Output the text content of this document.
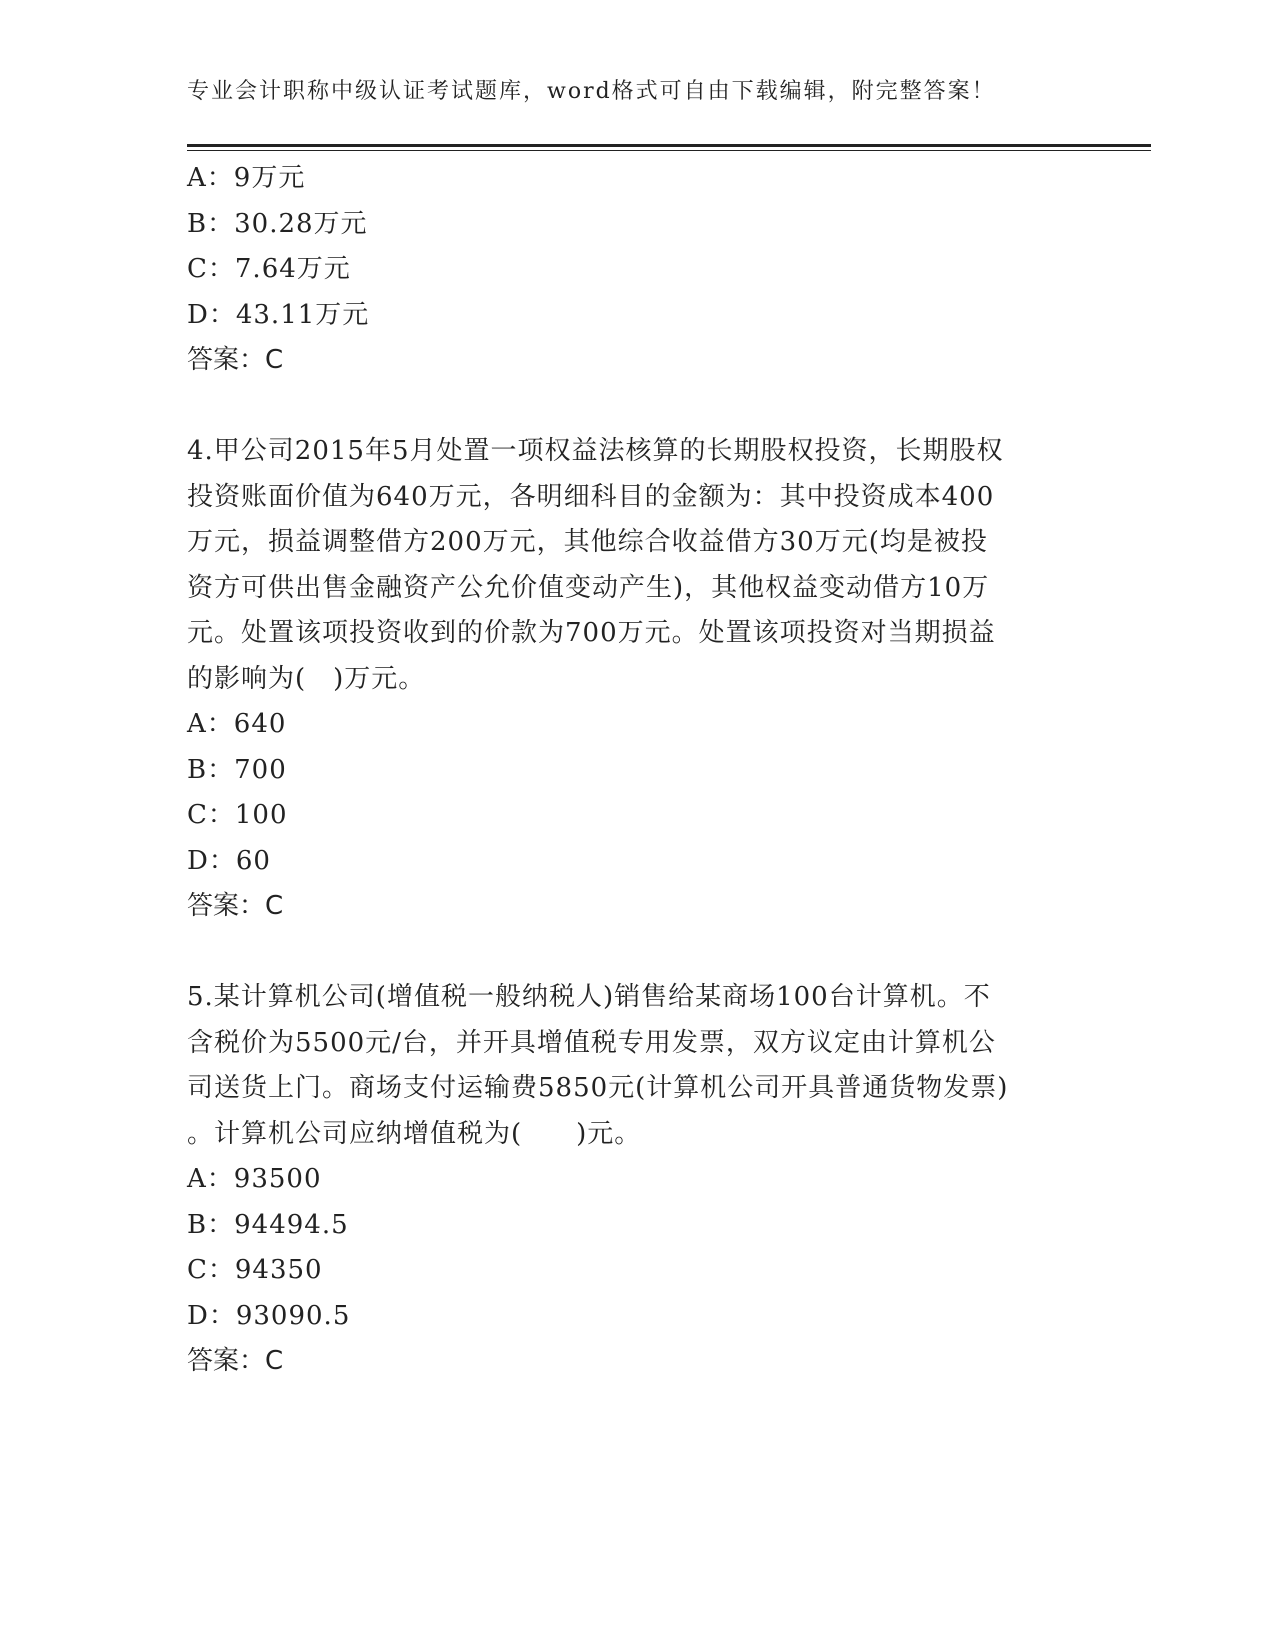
专业会计职称中级认证考试题库，word格式可自由下载编辑，附完整答案！
A：9万元
B：30.28万元
C：7.64万元
D：43.11万元
答案：C
4.甲公司2015年5月处置一项权益法核算的长期股权投资，长期股权
投资账面价值为640万元，各明细科目的金额为：其中投资成本400
万元，损益调整借方200万元，其他综合收益借方30万元(均是被投
资方可供出售金融资产公允价值变动产生)，其他权益变动借方10万
元。处置该项投资收到的价款为700万元。处置该项投资对当期损益
的影响为(　)万元。
A：640
B：700
C：100
D：60
答案：C
5.某计算机公司(增值税一般纳税人)销售给某商场100台计算机。不
含税价为5500元/台，并开具增值税专用发票，双方议定由计算机公
司送货上门。商场支付运输费5850元(计算机公司开具普通货物发票)
。计算机公司应纳增值税为(　　)元。
A：93500
B：94494.5
C：94350
D：93090.5
答案：C
